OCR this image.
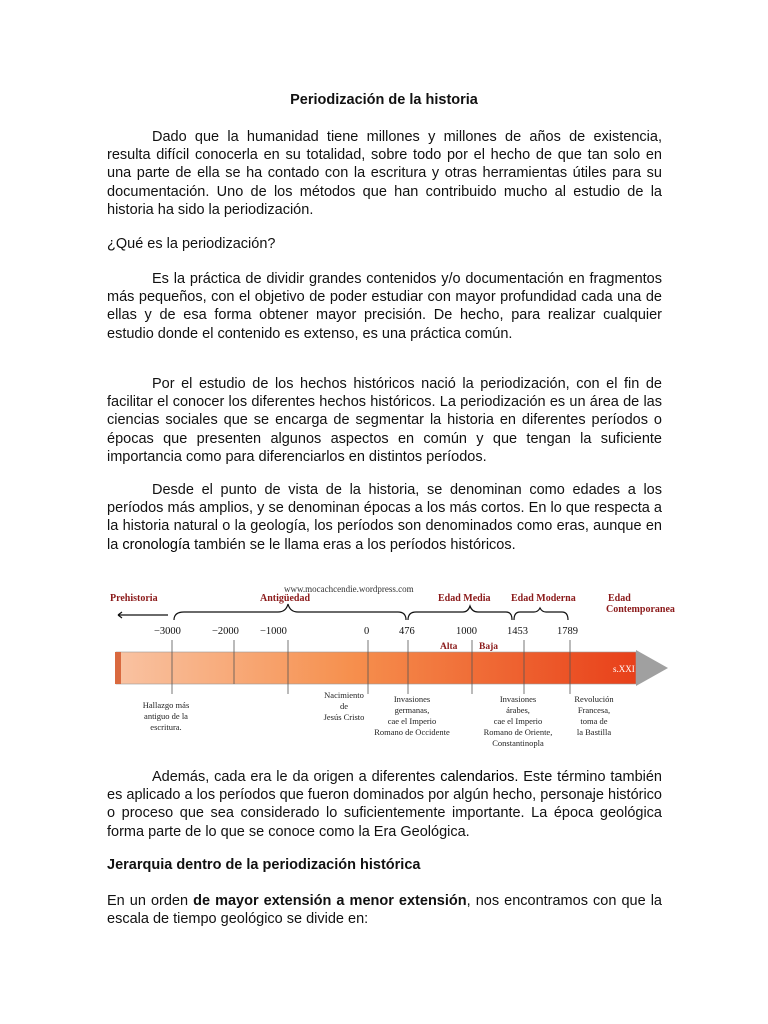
Periodización de la historia
Dado que la humanidad tiene millones y millones de años de existencia, resulta difícil conocerla en su totalidad, sobre todo por el hecho de que tan solo en una parte de ella se ha contado con la escritura y otras herramientas útiles para su documentación. Uno de los métodos que han contribuido mucho al estudio de la historia ha sido la periodización.
¿Qué es la periodización?
Es la práctica de dividir grandes contenidos y/o documentación en fragmentos más pequeños, con el objetivo de poder estudiar con mayor profundidad cada una de ellas y de esa forma obtener mayor precisión. De hecho, para realizar cualquier estudio donde el contenido es extenso, es una práctica común.
Por el estudio de los hechos históricos nació la periodización, con el fin de facilitar el conocer los diferentes hechos históricos. La periodización es un área de las ciencias sociales que se encarga de segmentar la historia en diferentes períodos o épocas que presenten algunos aspectos en común y que tengan la suficiente importancia como para diferenciarlos en distintos períodos.
Desde el punto de vista de la historia, se denominan como edades a los períodos más amplios, y se denominan épocas a los más cortos. En lo que respecta a la historia natural o la geología, los períodos son denominados como eras, aunque en la cronología también se le llama eras a los períodos históricos.
www.mocachcendie.wordpress.com
Prehistoria	Antigüedad	Edad Media Edad Moderna	Edad
Contemporanea
−3000	−2000 −1000	0	476	1000	1453	1789
Alta Baja
s.XXI
Hallazgo más
antiguo de la
escritura.
Nacimiento
de
Jesús Cristo
Invasiones
germanas,
cae el Imperio
Romano de Occidente
Invasiones
árabes,
cae el Imperio
Romano de Oriente,
Constantinopla
Revolución
Francesa,
toma de
la Bastilla
Además, cada era le da origen a diferentes calendarios. Este término también es aplicado a los períodos que fueron dominados por algún hecho, personaje histórico o proceso que sea considerado lo suficientemente importante. La época geológica forma parte de lo que se conoce como la Era Geológica.
Jerarquia dentro de la periodización histórica
En un orden de mayor extensión a menor extensión, nos encontramos con que la escala de tiempo geológico se divide en:
